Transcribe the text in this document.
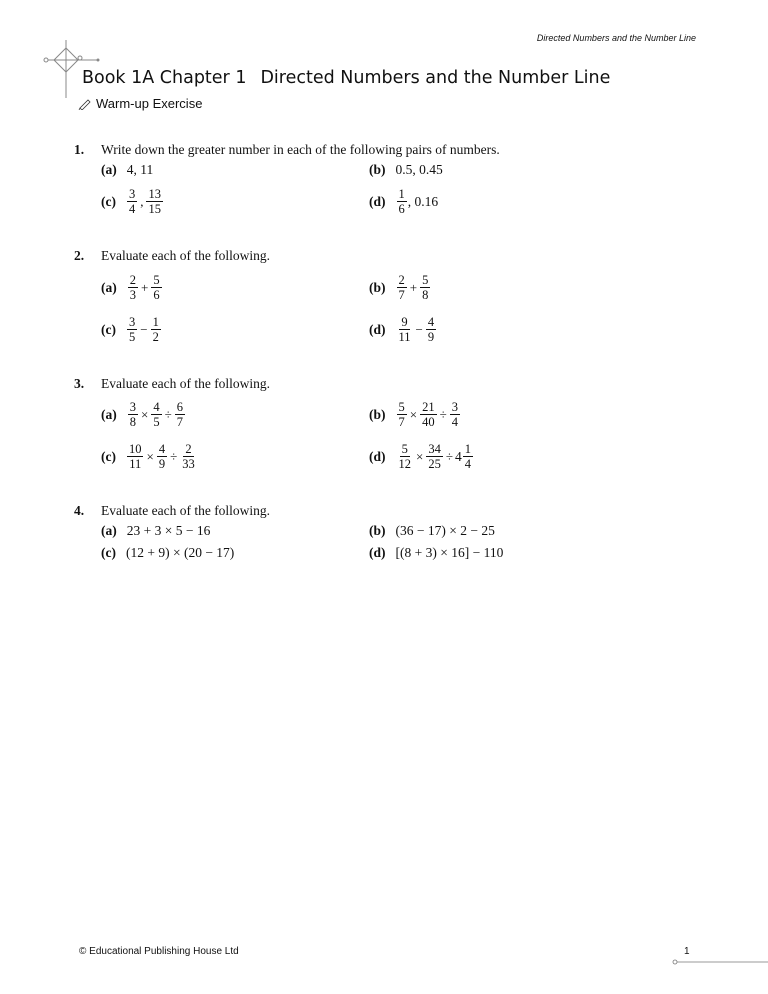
Directed Numbers and the Number Line
Book 1A Chapter 1 Directed Numbers and the Number Line
Warm-up Exercise
1. Write down the greater number in each of the following pairs of numbers.
(a) 4, 11	(b) 0.5, 0.45
$(c) \frac{3}{4}$ , $\frac{13}{15}$	$(d) \frac{1}{6}$ , 0.16
2. Evaluate each of the following.
$(a) \frac{2}{3} + \frac{5}{6}$	$(b) \frac{2}{7} + \frac{5}{8}$
$(c) \frac{3}{5} - \frac{1}{2}$	$(d) \frac{9}{11} - \frac{4}{9}$
3. Evaluate each of the following.
$(a) \frac{3}{8} \times \frac{4}{5} \div \frac{6}{7}$	$(b) \frac{5}{7} \times \frac{21}{40} \div \frac{3}{4}$
$(c) \frac{10}{11} \times \frac{4}{9} \div \frac{2}{33}$	$(d) \frac{5}{12} \times \frac{34}{25} \div 4 \frac{1}{4}$
4. Evaluate each of the following.
(a) 23 + 3 × 5 − 16	(b) (36 − 17) × 2 − 25
(c) (12 + 9) × (20 − 17)	(d) [(8 + 3) × 16] − 110
© Educational Publishing House Ltd	1
